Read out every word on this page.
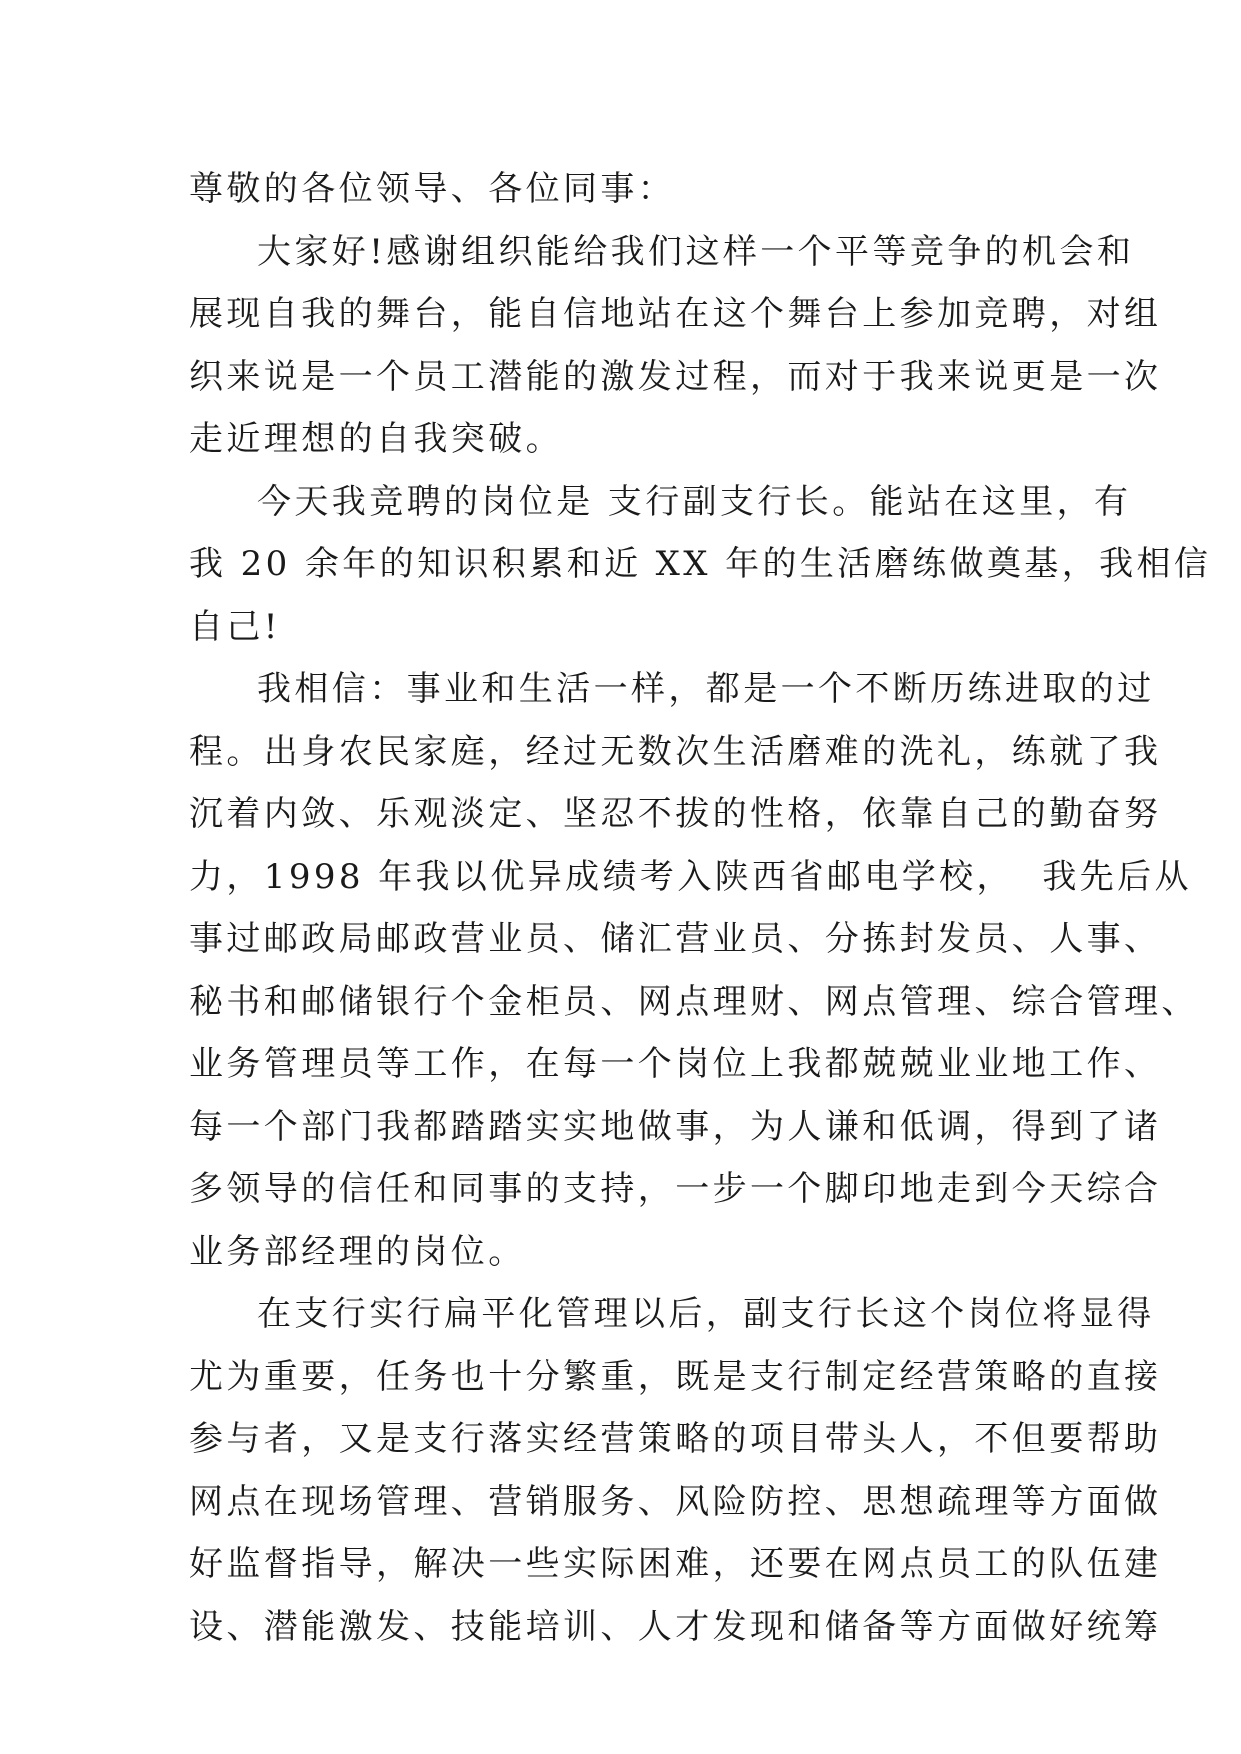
尊敬的各位领导、各位同事：
大家好!感谢组织能给我们这样一个平等竞争的机会和
展现自我的舞台，能自信地站在这个舞台上参加竞聘，对组
织来说是一个员工潜能的激发过程，而对于我来说更是一次
走近理想的自我突破。
今天我竞聘的岗位是 支行副支行长。能站在这里，有
我 20 余年的知识积累和近 XX 年的生活磨练做奠基，我相信
自己!
我相信：事业和生活一样，都是一个不断历练进取的过
程。出身农民家庭，经过无数次生活磨难的洗礼，练就了我
沉着内敛、乐观淡定、坚忍不拔的性格，依靠自己的勤奋努
力，1998 年我以优异成绩考入陕西省邮电学校，  我先后从
事过邮政局邮政营业员、储汇营业员、分拣封发员、人事、
秘书和邮储银行个金柜员、网点理财、网点管理、综合管理、
业务管理员等工作，在每一个岗位上我都兢兢业业地工作、
每一个部门我都踏踏实实地做事，为人谦和低调，得到了诸
多领导的信任和同事的支持，一步一个脚印地走到今天综合
业务部经理的岗位。
在支行实行扁平化管理以后，副支行长这个岗位将显得
尤为重要，任务也十分繁重，既是支行制定经营策略的直接
参与者，又是支行落实经营策略的项目带头人，不但要帮助
网点在现场管理、营销服务、风险防控、思想疏理等方面做
好监督指导，解决一些实际困难，还要在网点员工的队伍建
设、潜能激发、技能培训、人才发现和储备等方面做好统筹
